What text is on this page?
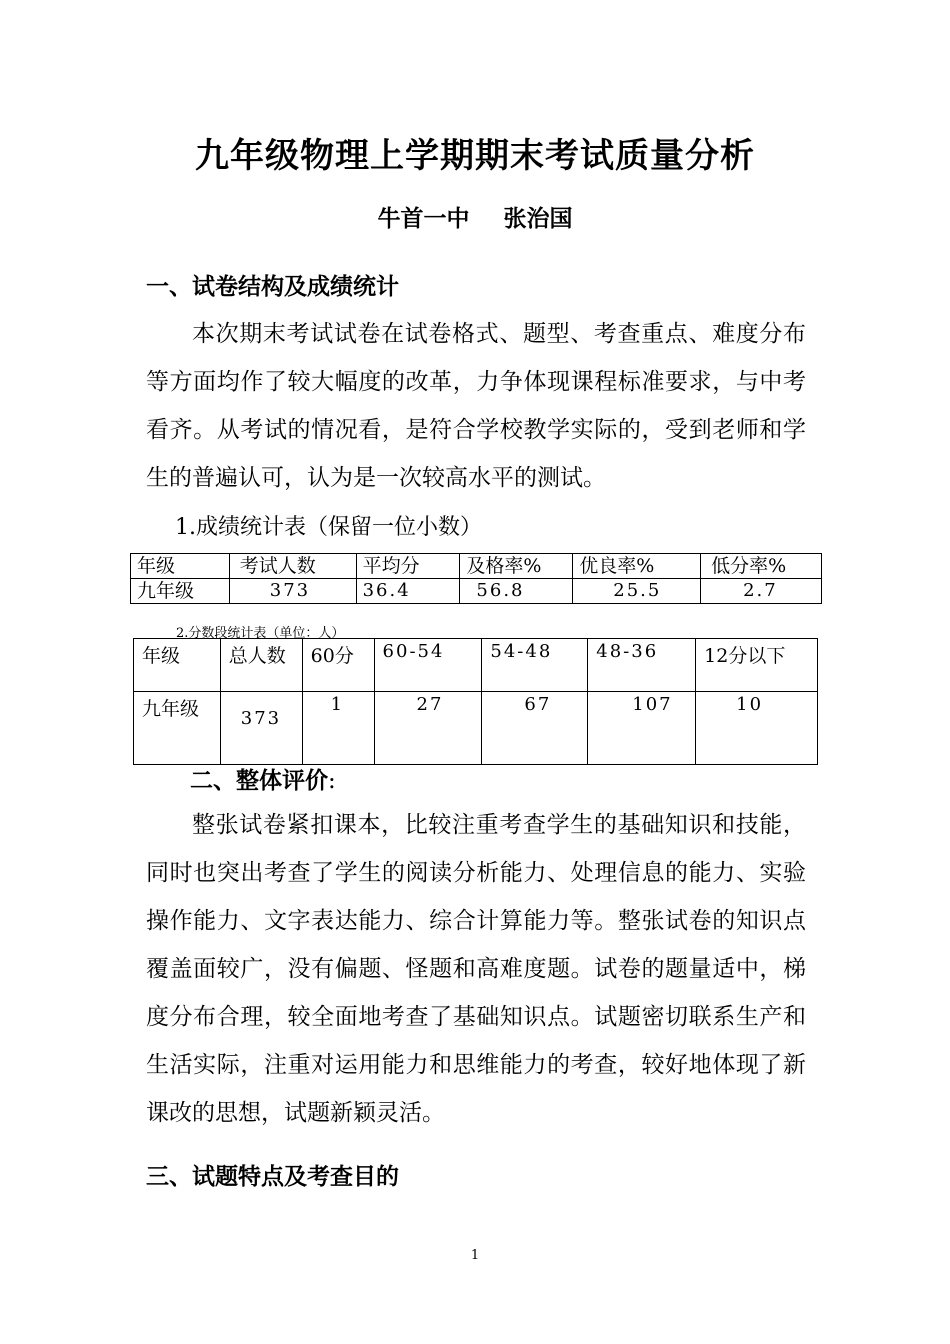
九年级物理上学期期末考试质量分析
牛首一中 张治国
一、试卷结构及成绩统计

本次期末考试试卷在试卷格式、题型、考查重点、难度分布等方面均作了较大幅度的改革，力争体现课程标准要求，与中考看齐。从考试的情况看，是符合学校教学实际的，受到老师和学生的普遍认可，认为是一次较高水平的测试。

1.成绩统计表（保留一位小数）
年级	考试人数	平均分	及格率%	优良率%	低分率%
九年级	373	36.4	56.8	25.5	2.7
2.分数段统计表（单位：人）
年级	总人数	60分	60-54	54-48	48-36	12分以下
九年级	373	1	27	67	107	10
二、整体评价:

整张试卷紧扣课本，比较注重考查学生的基础知识和技能，同时也突出考查了学生的阅读分析能力、处理信息的能力、实验操作能力、文字表达能力、综合计算能力等。整张试卷的知识点覆盖面较广，没有偏题、怪题和高难度题。试卷的题量适中，梯度分布合理，较全面地考查了基础知识点。试题密切联系生产和生活实际，注重对运用能力和思维能力的考查，较好地体现了新课改的思想，试题新颖灵活。

三、试题特点及考查目的
1
